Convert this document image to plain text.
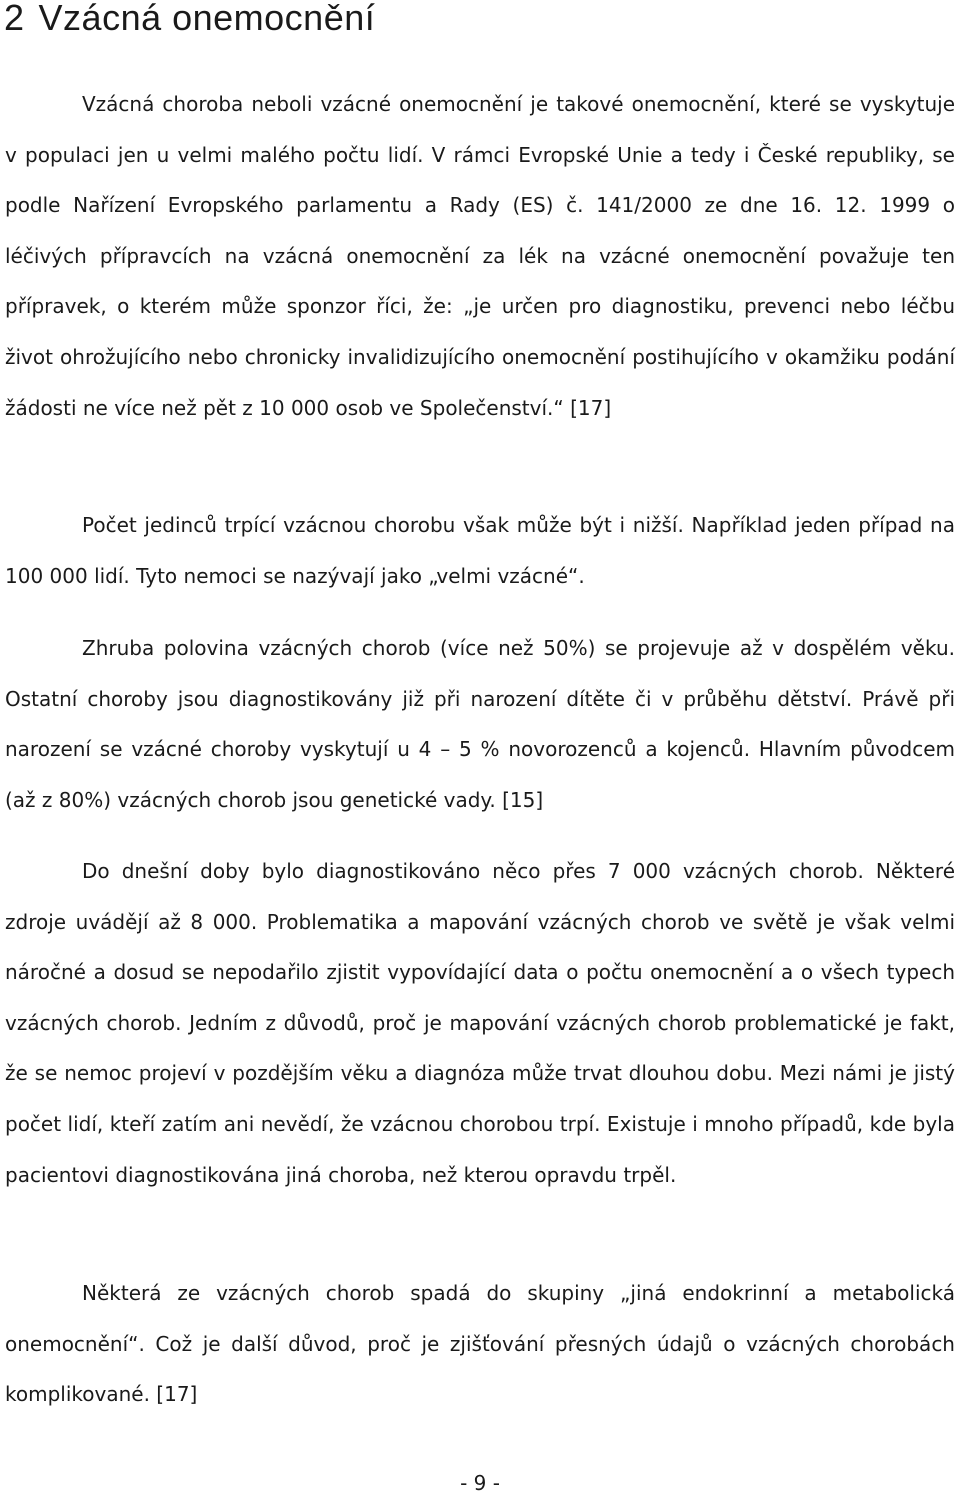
2 Vzácná onemocnění

Vzácná choroba neboli vzácné onemocnění je takové onemocnění, které se vyskytuje v populaci jen u velmi malého počtu lidí. V rámci Evropské Unie a tedy i České republiky, se podle Nařízení Evropského parlamentu a Rady (ES) č. 141/2000 ze dne 16. 12. 1999 o léčivých přípravcích na vzácná onemocnění za lék na vzácné onemocnění považuje ten přípravek, o kterém může sponzor říci, že: „je určen pro diagnostiku, prevenci nebo léčbu život ohrožujícího nebo chronicky invalidizujícího onemocnění postihujícího v okamžiku podání žádosti ne více než pět z 10 000 osob ve Společenství.“ [17]

Počet jedinců trpící vzácnou chorobu však může být i nižší. Například jeden případ na 100 000 lidí. Tyto nemoci se nazývají jako „velmi vzácné“.

Zhruba polovina vzácných chorob (více než 50%) se projevuje až v dospělém věku. Ostatní choroby jsou diagnostikovány již při narození dítěte či v průběhu dětství. Právě při narození se vzácné choroby vyskytují u 4 – 5 % novorozenců a kojenců. Hlavním původcem (až z 80%) vzácných chorob jsou genetické vady. [15]

Do dnešní doby bylo diagnostikováno něco přes 7 000 vzácných chorob. Některé zdroje uvádějí až 8 000. Problematika a mapování vzácných chorob ve světě je však velmi náročné a dosud se nepodařilo zjistit vypovídající data o počtu onemocnění a o všech typech vzácných chorob. Jedním z důvodů, proč je mapování vzácných chorob problematické je fakt, že se nemoc projeví v pozdějším věku a diagnóza může trvat dlouhou dobu. Mezi námi je jistý počet lidí, kteří zatím ani nevědí, že vzácnou chorobou trpí. Existuje i mnoho případů, kde byla pacientovi diagnostikována jiná choroba, než kterou opravdu trpěl.

Některá ze vzácných chorob spadá do skupiny „jiná endokrinní a metabolická onemocnění“. Což je další důvod, proč je zjišťování přesných údajů o vzácných chorobách komplikované. [17]

- 9 -
